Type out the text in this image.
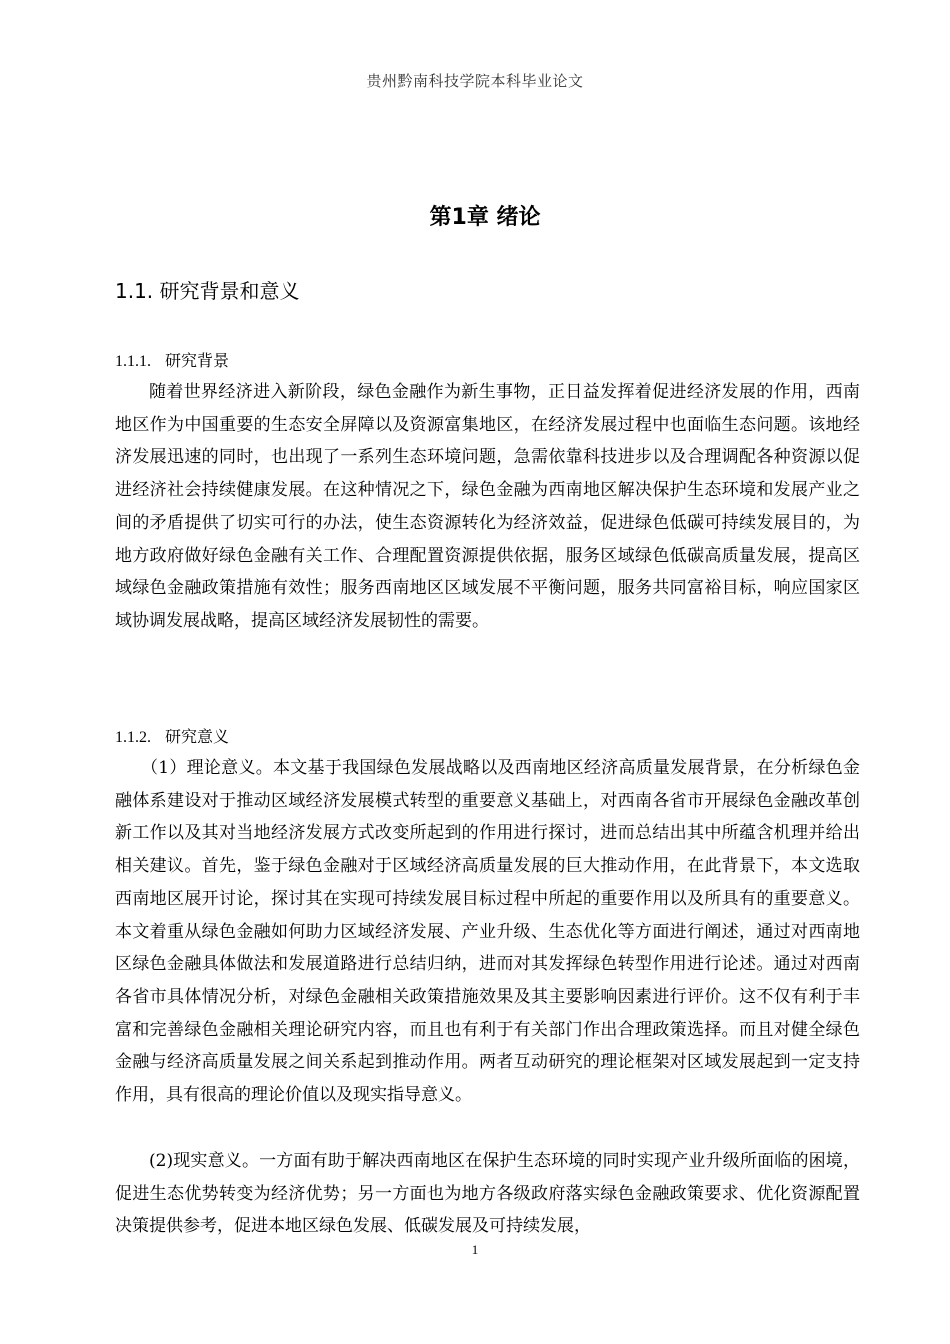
贵州黔南科技学院本科毕业论文
第1章 绪论
1.1. 研究背景和意义
1.1.1. 研究背景

随着世界经济进入新阶段，绿色金融作为新生事物，正日益发挥着促进经济发展的作用，西南地区作为中国重要的生态安全屏障以及资源富集地区，在经济发展过程中也面临生态问题。该地经济发展迅速的同时，也出现了一系列生态环境问题，急需依靠科技进步以及合理调配各种资源以促进经济社会持续健康发展。在这种情况之下，绿色金融为西南地区解决保护生态环境和发展产业之间的矛盾提供了切实可行的办法，使生态资源转化为经济效益，促进绿色低碳可持续发展目的，为地方政府做好绿色金融有关工作、合理配置资源提供依据，服务区域绿色低碳高质量发展，提高区域绿色金融政策措施有效性；服务西南地区区域发展不平衡问题，服务共同富裕目标，响应国家区域协调发展战略，提高区域经济发展韧性的需要。

1.1.2. 研究意义

（1）理论意义。本文基于我国绿色发展战略以及西南地区经济高质量发展背景，在分析绿色金融体系建设对于推动区域经济发展模式转型的重要意义基础上，对西南各省市开展绿色金融改革创新工作以及其对当地经济发展方式改变所起到的作用进行探讨，进而总结出其中所蕴含机理并给出相关建议。首先，鉴于绿色金融对于区域经济高质量发展的巨大推动作用，在此背景下，本文选取西南地区展开讨论，探讨其在实现可持续发展目标过程中所起的重要作用以及所具有的重要意义。本文着重从绿色金融如何助力区域经济发展、产业升级、生态优化等方面进行阐述，通过对西南地区绿色金融具体做法和发展道路进行总结归纳，进而对其发挥绿色转型作用进行论述。通过对西南各省市具体情况分析，对绿色金融相关政策措施效果及其主要影响因素进行评价。这不仅有利于丰富和完善绿色金融相关理论研究内容，而且也有利于有关部门作出合理政策选择。而且对健全绿色金融与经济高质量发展之间关系起到推动作用。两者互动研究的理论框架对区域发展起到一定支持作用，具有很高的理论价值以及现实指导意义。

(2)现实意义。一方面有助于解决西南地区在保护生态环境的同时实现产业升级所面临的困境，促进生态优势转变为经济优势；另一方面也为地方各级政府落实绿色金融政策要求、优化资源配置决策提供参考，促进本地区绿色发展、低碳发展及可持续发展，

1
